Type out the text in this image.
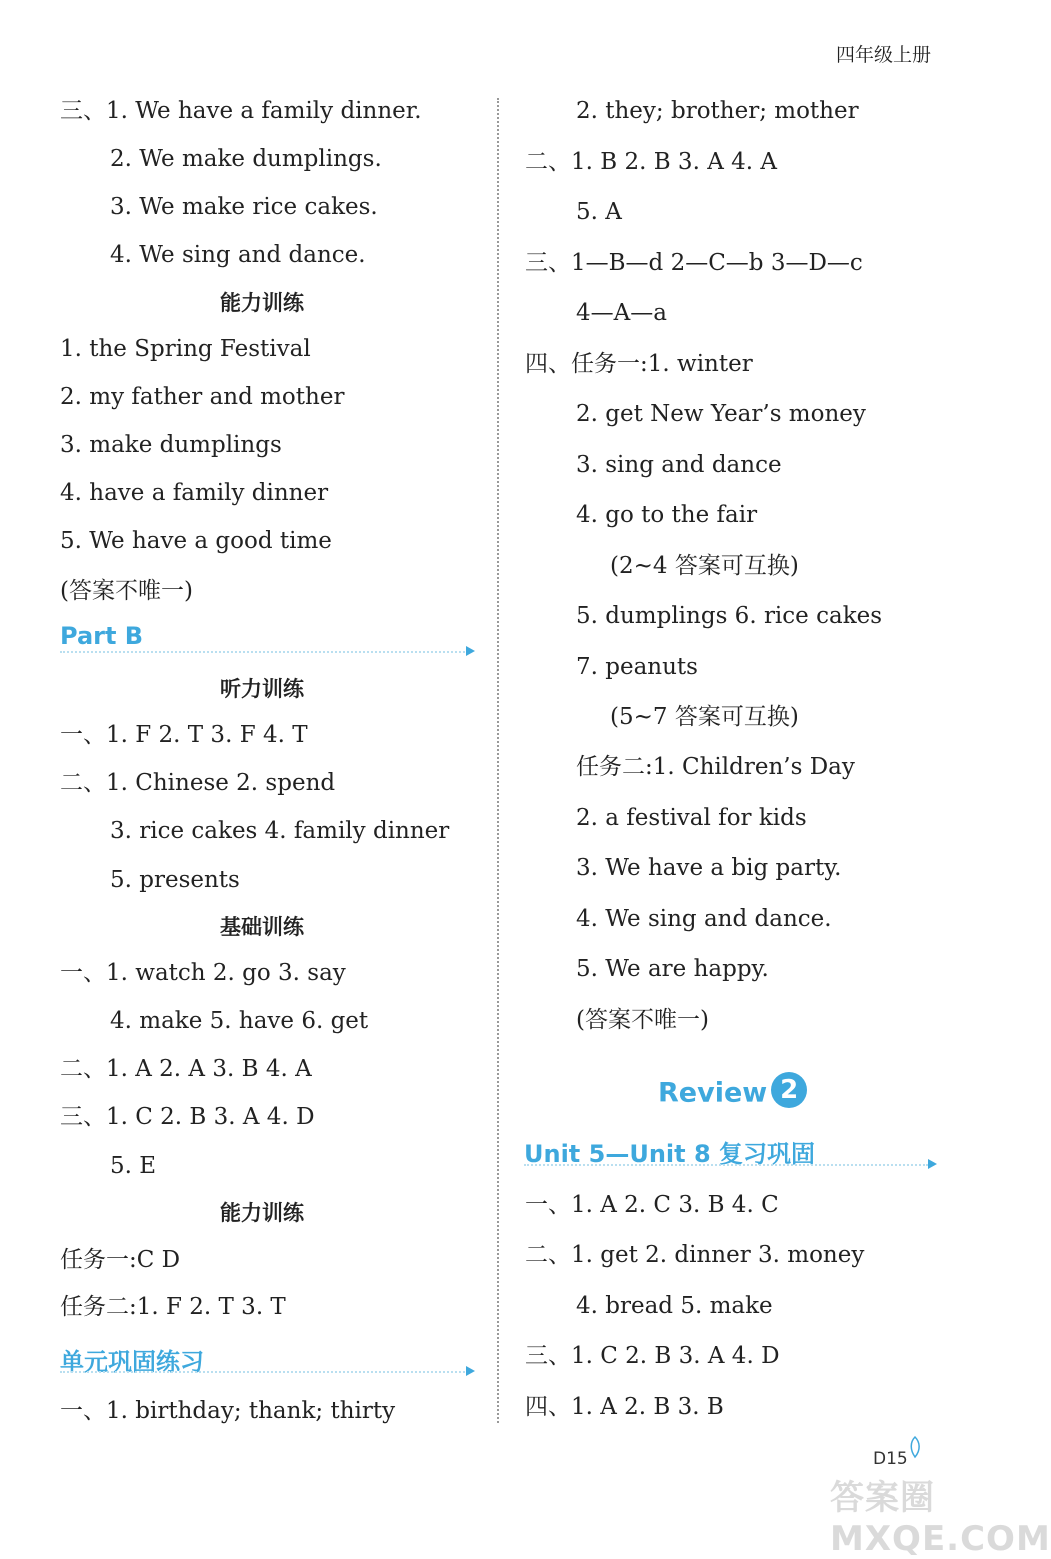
四年级上册
三、1. We have a family dinner.
2. We make dumplings.
3. We make rice cakes.
4. We sing and dance.
能力训练
1. the Spring Festival
2. my father and mother
3. make dumplings
4. have a family dinner
5. We have a good time
(答案不唯一)
Part B
听力训练
一、1. F 2. T 3. F 4. T
二、1. Chinese 2. spend
3. rice cakes 4. family dinner
5. presents
基础训练
一、1. watch 2. go 3. say
4. make 5. have 6. get
二、1. A 2. A 3. B 4. A
三、1. C 2. B 3. A 4. D
5. E
能力训练
任务一:C D
任务二:1. F 2. T 3. T
单元巩固练习
一、1. birthday; thank; thirty
2. they; brother; mother
二、1. B 2. B 3. A 4. A
5. A
三、1—B—d 2—C—b 3—D—c
4—A—a
四、任务一:1. winter
2. get New Year’s money
3. sing and dance
4. go to the fair
(2~4 答案可互换)
5. dumplings 6. rice cakes
7. peanuts
(5~7 答案可互换)
任务二:1. Children’s Day
2. a festival for kids
3. We have a big party.
4. We sing and dance.
5. We are happy.
(答案不唯一)
Review 2
Unit 5—Unit 8 复习巩固
一、1. A 2. C 3. B 4. C
二、1. get 2. dinner 3. money
4. bread 5. make
三、1. C 2. B 3. A 4. D
四、1. A 2. B 3. B
D15
答案圈 MXQE.COM
